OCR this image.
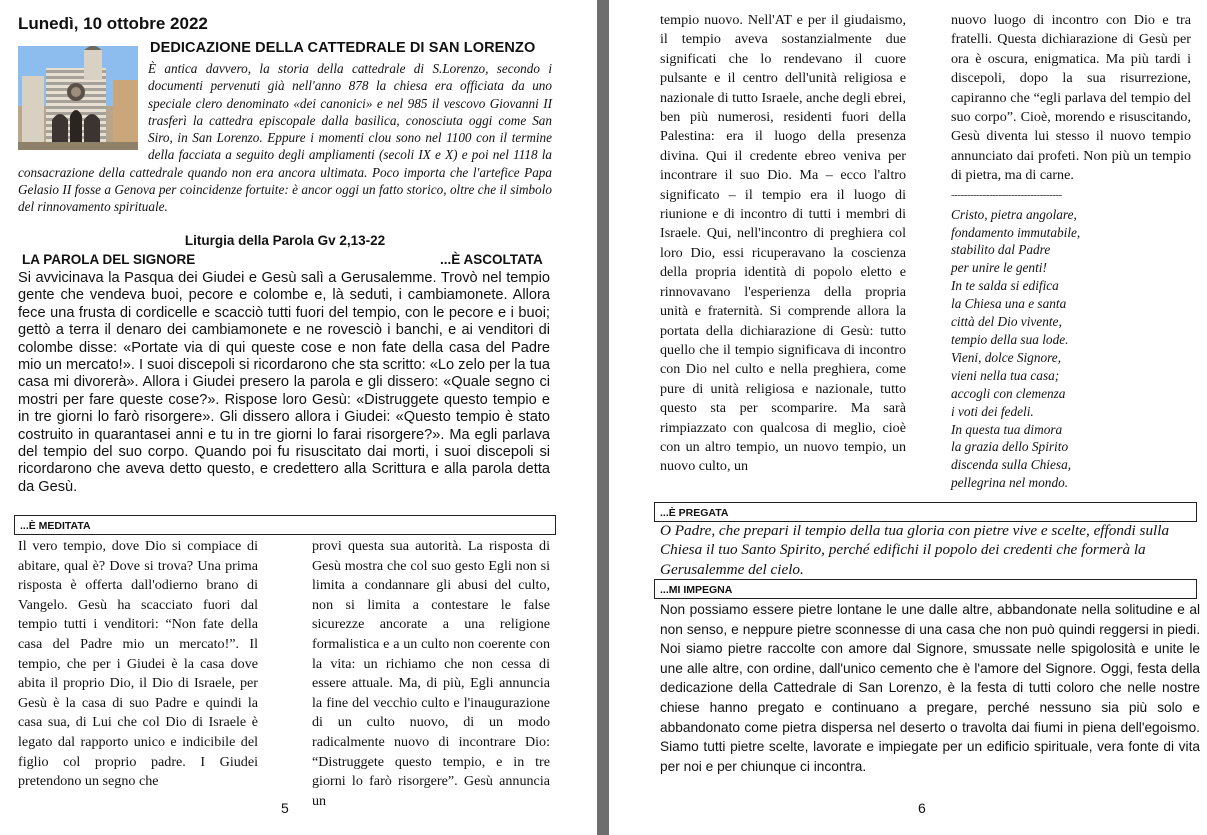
Lunedì, 10 ottobre 2022
DEDICAZIONE DELLA CATTEDRALE DI SAN LORENZO
È antica davvero, la storia della cattedrale di S.Lorenzo, secondo i documenti pervenuti già nell'anno 878 la chiesa era officiata da uno speciale clero denominato «dei canonici» e nel 985 il vescovo Giovanni II trasferì la cattedra episcopale dalla basilica, conosciuta oggi come San Siro, in San Lorenzo. Eppure i momenti clou sono nel 1100 con il termine della facciata a seguito degli ampliamenti (secoli IX e X) e poi nel 1118 la consacrazione della cattedrale quando non era ancora ultimata. Poco importa che l'artefice Papa Gelasio II fosse a Genova per coincidenze fortuite: è ancor oggi un fatto storico, oltre che il simbolo del rinnovamento spirituale.
Liturgia della Parola Gv 2,13-22
LA PAROLA DEL SIGNORE	...È ASCOLTATA
Si avvicinava la Pasqua dei Giudei e Gesù salì a Gerusalemme. Trovò nel tempio gente che vendeva buoi, pecore e colombe e, là seduti, i cambiamonete. Allora fece una frusta di cordicelle e scacciò tutti fuori del tempio, con le pecore e i buoi; gettò a terra il denaro dei cambiamonete e ne rovesciò i banchi, e ai venditori di colombe disse: «Portate via di qui queste cose e non fate della casa del Padre mio un mercato!». I suoi discepoli si ricordarono che sta scritto: «Lo zelo per la tua casa mi divorerà». Allora i Giudei presero la parola e gli dissero: «Quale segno ci mostri per fare queste cose?». Rispose loro Gesù: «Distruggete questo tempio e in tre giorni lo farò risorgere». Gli dissero allora i Giudei: «Questo tempio è stato costruito in quarantasei anni e tu in tre giorni lo farai risorgere?». Ma egli parlava del tempio del suo corpo. Quando poi fu risuscitato dai morti, i suoi discepoli si ricordarono che aveva detto questo, e credettero alla Scrittura e alla parola detta da Gesù.
...È MEDITATA
Il vero tempio, dove Dio si compiace di abitare, qual è? Dove si trova? Una prima risposta è offerta dall'odierno brano di Vangelo. Gesù ha scacciato fuori dal tempio tutti i venditori: “Non fate della casa del Padre mio un mercato!”. Il tempio, che per i Giudei è la casa dove abita il proprio Dio, il Dio di Israele, per Gesù è la casa di suo Padre e quindi la casa sua, di Lui che col Dio di Israele è legato dal rapporto unico e indicibile del figlio col proprio padre. I Giudei pretendono un segno che
provi questa sua autorità. La risposta di Gesù mostra che col suo gesto Egli non si limita a condannare gli abusi del culto, non si limita a contestare le false sicurezze ancorate a una religione formalistica e a un culto non coerente con la vita: un richiamo che non cessa di essere attuale. Ma, di più, Egli annuncia la fine del vecchio culto e l'inaugurazione di un culto nuovo, di un modo radicalmente nuovo di incontrare Dio: “Distruggete questo tempio, e in tre giorni lo farò risorgere”. Gesù annuncia un
5
tempio nuovo. Nell'AT e per il giudaismo, il tempio aveva sostanzialmente due significati che lo rendevano il cuore pulsante e il centro dell'unità religiosa e nazionale di tutto Israele, anche degli ebrei, ben più numerosi, residenti fuori della Palestina: era il luogo della presenza divina. Qui il credente ebreo veniva per incontrare il suo Dio. Ma – ecco l'altro significato – il tempio era il luogo di riunione e di incontro di tutti i membri di Israele. Qui, nell'incontro di preghiera col loro Dio, essi ricuperavano la coscienza della propria identità di popolo eletto e rinnovavano l'esperienza della propria unità e fraternità. Si comprende allora la portata della dichiarazione di Gesù: tutto quello che il tempio significava di incontro con Dio nel culto e nella preghiera, come pure di unità religiosa e nazionale, tutto questo sta per scomparire. Ma sarà rimpiazzato con qualcosa di meglio, cioè con un altro tempio, un nuovo tempio, un nuovo culto, un
nuovo luogo di incontro con Dio e tra fratelli. Questa dichiarazione di Gesù per ora è oscura, enigmatica. Ma più tardi i discepoli, dopo la sua risurrezione, capiranno che “egli parlava del tempio del suo corpo”. Cioè, morendo e risuscitando, Gesù diventa lui stesso il nuovo tempio annunciato dai profeti. Non più un tempio di pietra, ma di carne.
-----------------------------------
Cristo, pietra angolare,
fondamento immutabile,
stabilito dal Padre
per unire le genti!
In te salda si edifica
la Chiesa una e santa
città del Dio vivente,
tempio della sua lode.
Vieni, dolce Signore,
vieni nella tua casa;
accogli con clemenza
i voti dei fedeli.
In questa tua dimora
la grazia dello Spirito
discenda sulla Chiesa,
pellegrina nel mondo.
...È PREGATA
O Padre, che prepari il tempio della tua gloria con pietre vive e scelte, effondi sulla Chiesa il tuo Santo Spirito, perché edifichi il popolo dei credenti che formerà la Gerusalemme del cielo.
...MI IMPEGNA
Non possiamo essere pietre lontane le une dalle altre, abbandonate nella solitudine e al non senso, e neppure pietre sconnesse di una casa che non può quindi reggersi in piedi. Noi siamo pietre raccolte con amore dal Signore, smussate nelle spigolosità e unite le une alle altre, con ordine, dall'unico cemento che è l'amore del Signore. Oggi, festa della dedicazione della Cattedrale di San Lorenzo, è la festa di tutti coloro che nelle nostre chiese hanno pregato e continuano a pregare, perché nessuno sia più solo e abbandonato come pietra dispersa nel deserto o travolta dai fiumi in piena dell'egoismo. Siamo tutti pietre scelte, lavorate e impiegate per un edificio spirituale, vera fonte di vita per noi e per chiunque ci incontra.
6
